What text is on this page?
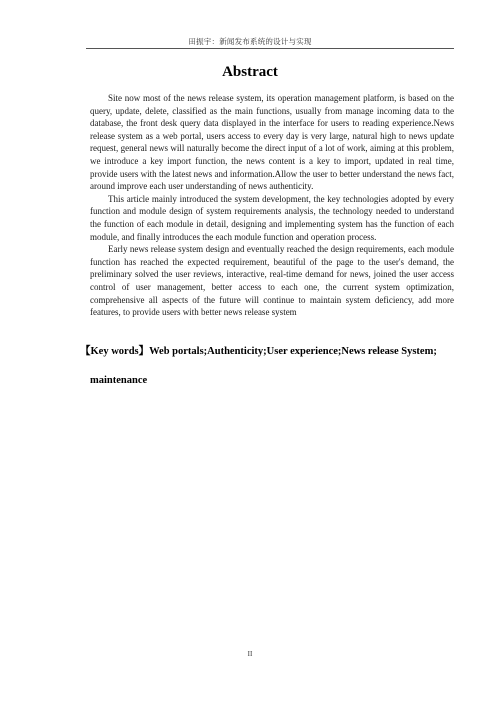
田振宇：新闻发布系统的设计与实现
Abstract

Site now most of the news release system, its operation management platform, is based on the query, update, delete, classified as the main functions, usually from manage incoming data to the database, the front desk query data displayed in the interface for users to reading experience.News release system as a web portal, users access to every day is very large, natural high to news update request, general news will naturally become the direct input of a lot of work, aiming at this problem, we introduce a key import function, the news content is a key to import, updated in real time, provide users with the latest news and information.Allow the user to better understand the news fact, around improve each user understanding of news authenticity.

This article mainly introduced the system development, the key technologies adopted by every function and module design of system requirements analysis, the technology needed to understand the function of each module in detail, designing and implementing system has the function of each module, and finally introduces the each module function and operation process.

Early news release system design and eventually reached the design requirements, each module function has reached the expected requirement, beautiful of the page to the user's demand, the preliminary solved the user reviews, interactive, real-time demand for news, joined the user access control of user management, better access to each one, the current system optimization, comprehensive all aspects of the future will continue to maintain system deficiency, add more features, to provide users with better news release system

【Key words】Web portals;Authenticity;User experience;News release System;
maintenance
II
